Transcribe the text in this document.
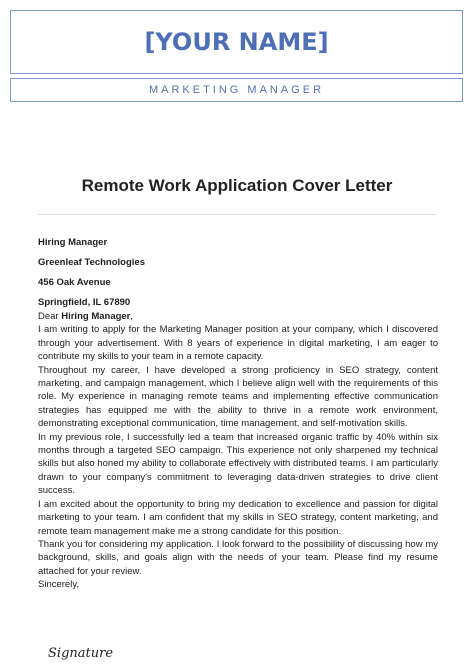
[YOUR NAME]
MARKETING MANAGER
Remote Work Application Cover Letter
Hiring Manager
Greenleaf Technologies
456 Oak Avenue
Springfield, IL 67890

Dear Hiring Manager,

I am writing to apply for the Marketing Manager position at your company, which I discovered through your advertisement. With 8 years of experience in digital marketing, I am eager to contribute my skills to your team in a remote capacity.

Throughout my career, I have developed a strong proficiency in SEO strategy, content marketing, and campaign management, which I believe align well with the requirements of this role. My experience in managing remote teams and implementing effective communication strategies has equipped me with the ability to thrive in a remote work environment, demonstrating exceptional communication, time management, and self-motivation skills.

In my previous role, I successfully led a team that increased organic traffic by 40% within six months through a targeted SEO campaign. This experience not only sharpened my technical skills but also honed my ability to collaborate effectively with distributed teams. I am particularly drawn to your company's commitment to leveraging data-driven strategies to drive client success.

I am excited about the opportunity to bring my dedication to excellence and passion for digital marketing to your team. I am confident that my skills in SEO strategy, content marketing, and remote team management make me a strong candidate for this position.

Thank you for considering my application. I look forward to the possibility of discussing how my background, skills, and goals align with the needs of your team. Please find my resume attached for your review.

Sincerely,

Signature
